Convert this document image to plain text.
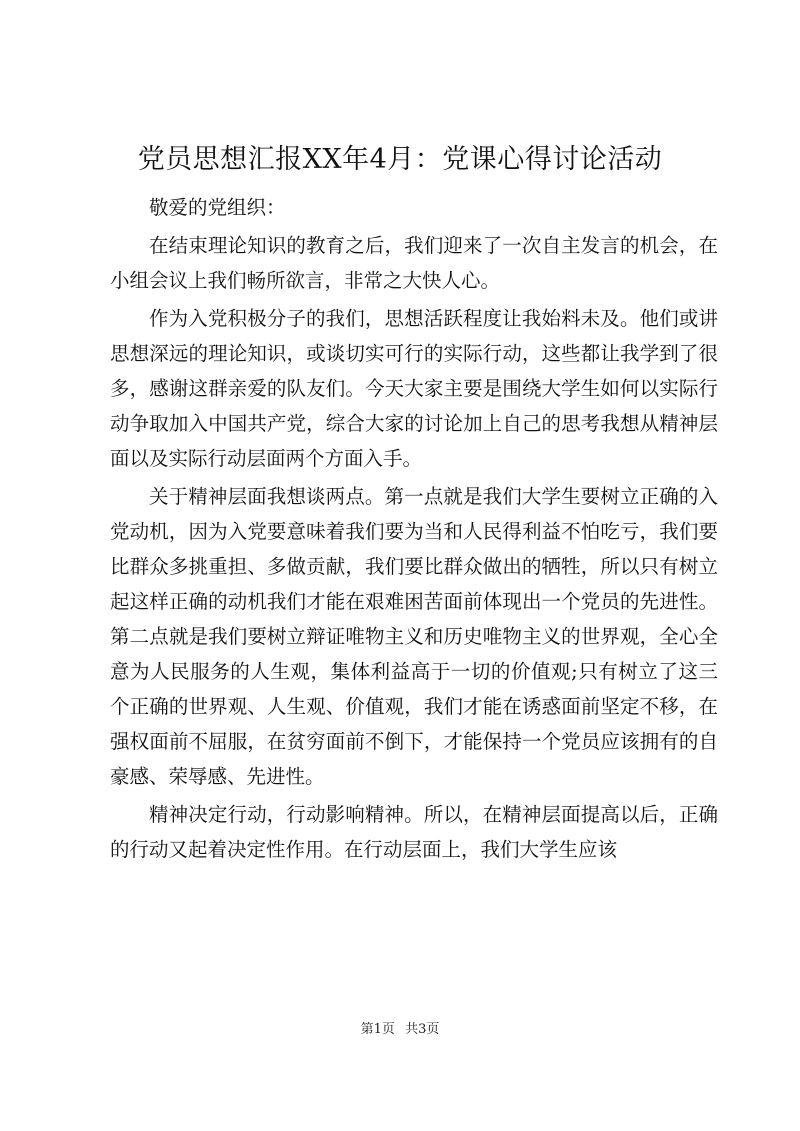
党员思想汇报XX年4月：党课心得讨论活动

敬爱的党组织：

在结束理论知识的教育之后，我们迎来了一次自主发言的机会，在小组会议上我们畅所欲言，非常之大快人心。

作为入党积极分子的我们，思想活跃程度让我始料未及。他们或讲思想深远的理论知识，或谈切实可行的实际行动，这些都让我学到了很多，感谢这群亲爱的队友们。今天大家主要是围绕大学生如何以实际行动争取加入中国共产党，综合大家的讨论加上自己的思考我想从精神层面以及实际行动层面两个方面入手。

关于精神层面我想谈两点。第一点就是我们大学生要树立正确的入党动机，因为入党要意味着我们要为当和人民得利益不怕吃亏，我们要比群众多挑重担、多做贡献，我们要比群众做出的牺牲，所以只有树立起这样正确的动机我们才能在艰难困苦面前体现出一个党员的先进性。第二点就是我们要树立辩证唯物主义和历史唯物主义的世界观，全心全意为人民服务的人生观，集体利益高于一切的价值观;只有树立了这三个正确的世界观、人生观、价值观，我们才能在诱惑面前坚定不移，在强权面前不屈服，在贫穷面前不倒下，才能保持一个党员应该拥有的自豪感、荣辱感、先进性。

精神决定行动，行动影响精神。所以，在精神层面提高以后，正确的行动又起着决定性作用。在行动层面上，我们大学生应该

第1页 共3页
